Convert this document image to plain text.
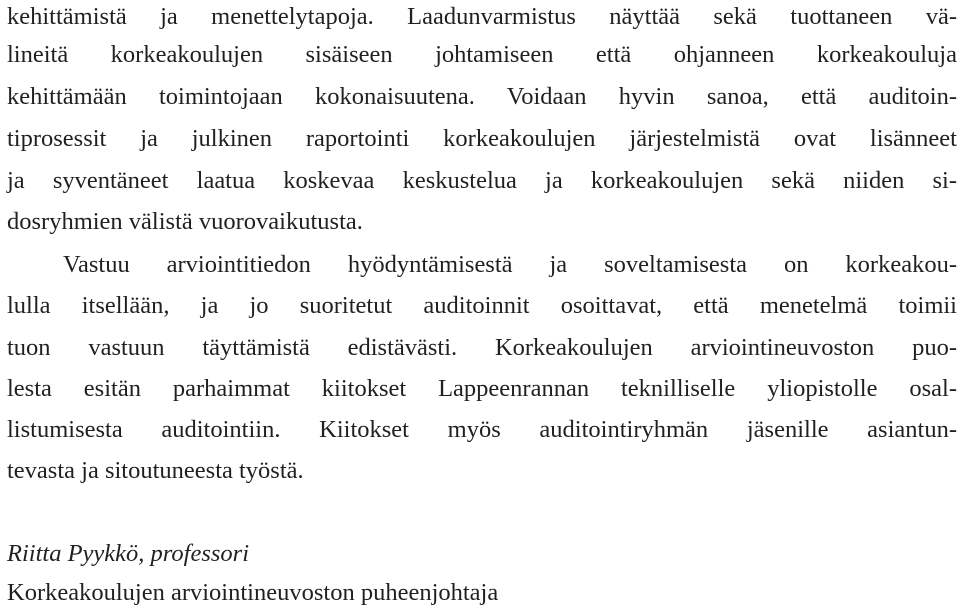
kehittämistä ja menettelytapoja. Laadunvarmistus näyttää sekä tuottaneen vä-
lineitä korkeakoulujen sisäiseen johtamiseen että ohjanneen korkeakouluja
kehittämään toimintojaan kokonaisuutena. Voidaan hyvin sanoa, että auditoin-
tiprosessit ja julkinen raportointi korkeakoulujen järjestelmistä ovat lisänneet
ja syventäneet laatua koskevaa keskustelua ja korkeakoulujen sekä niiden si-
dosryhmien välistä vuorovaikutusta.
Vastuu arviointitiedon hyödyntämisestä ja soveltamisesta on korkeakou-
lulla itsellään, ja jo suoritetut auditoinnit osoittavat, että menetelmä toimii
tuon vastuun täyttämistä edistävästi. Korkeakoulujen arviointineuvoston puo-
lesta esitän parhaimmat kiitokset Lappeenrannan teknilliselle yliopistolle osal-
listumisesta auditointiin. Kiitokset myös auditointiryhmän jäsenille asiantun-
tevasta ja sitoutuneesta työstä.
Riitta Pyykkö, professori
Korkeakoulujen arviointineuvoston puheenjohtaja
